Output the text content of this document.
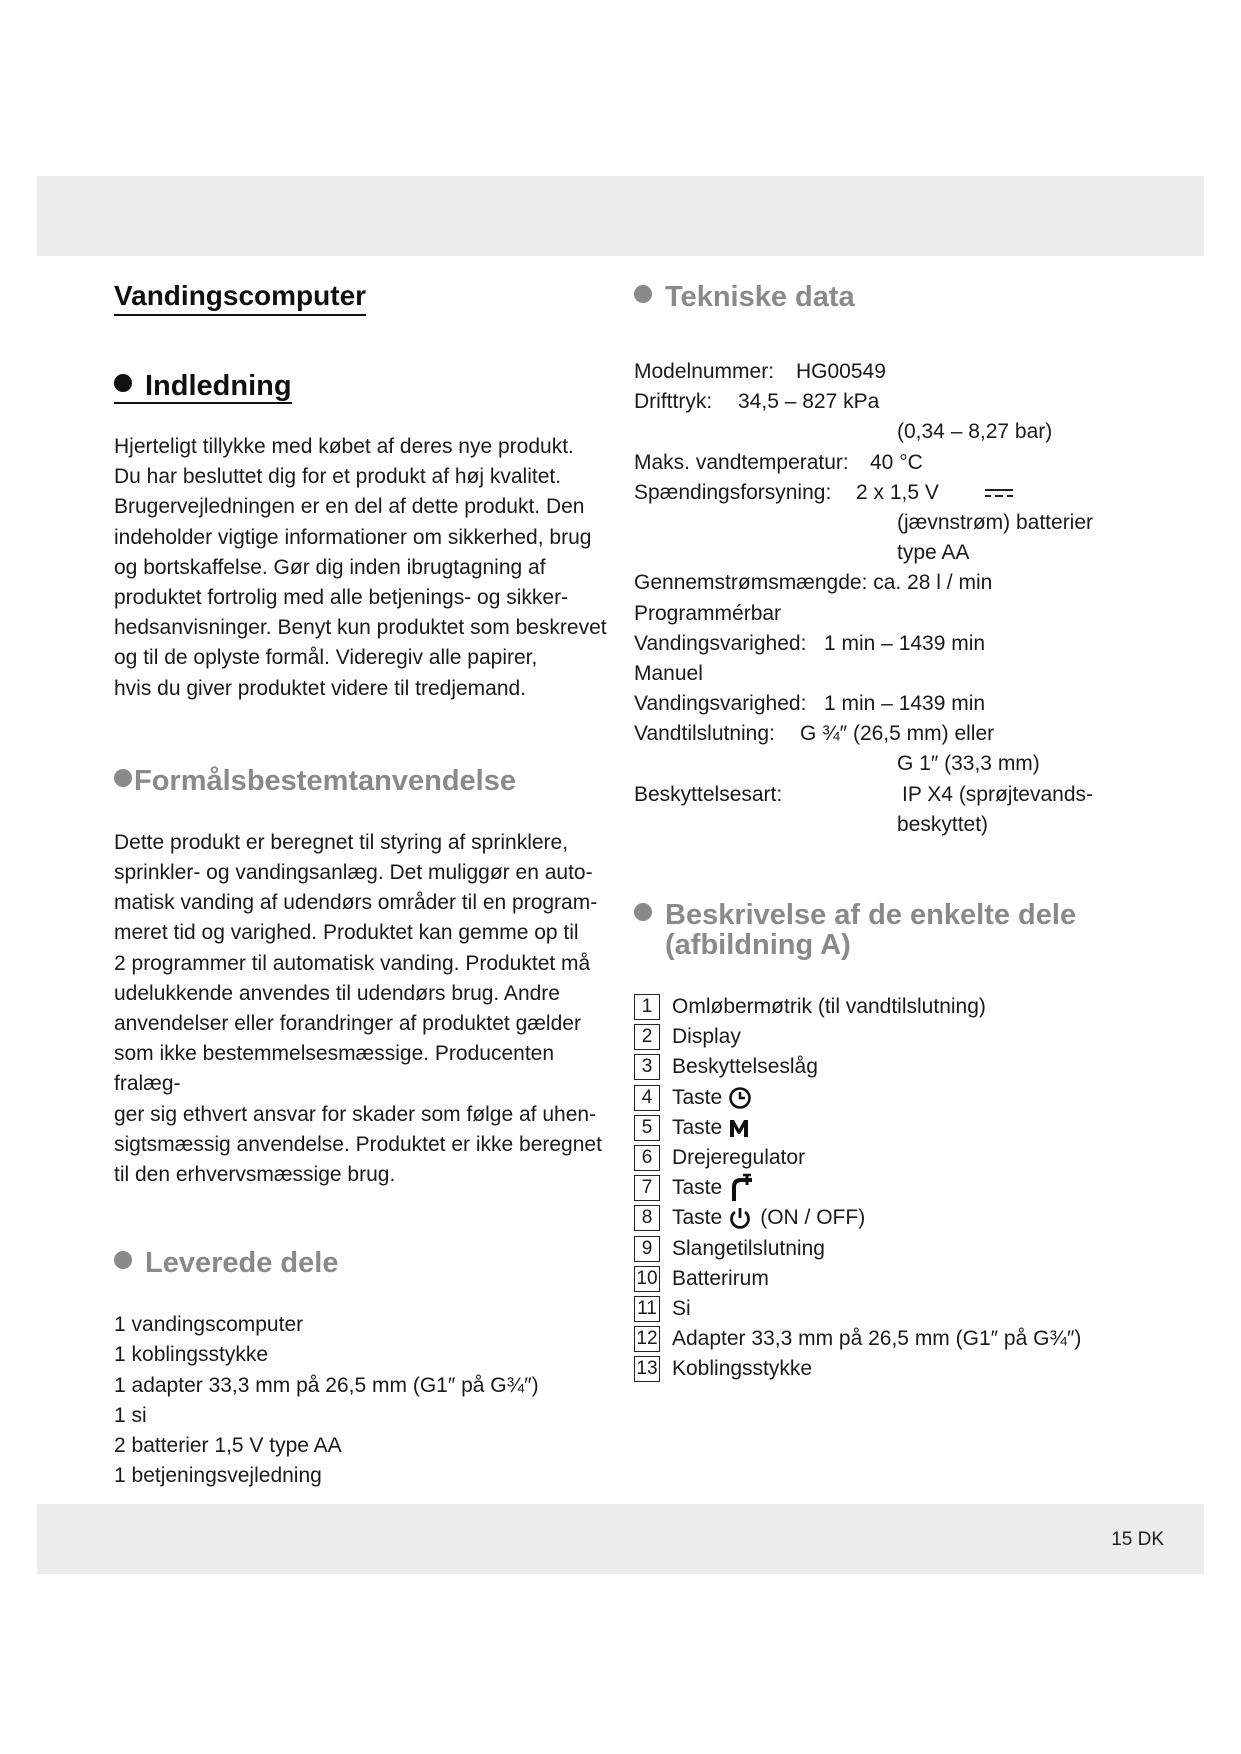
Vandingscomputer
Indledning
Hjerteligt tillykke med købet af deres nye produkt.
Du har besluttet dig for et produkt af høj kvalitet.
Brugervejledningen er en del af dette produkt. Den
indeholder vigtige informationer om sikkerhed, brug
og bortskaffelse. Gør dig inden ibrugtagning af
produktet fortrolig med alle betjenings- og sikker-
hedsanvisninger. Benyt kun produktet som beskrevet
og til de oplyste formål. Videregiv alle papirer,
hvis du giver produktet videre til tredjemand.
Formålsbestemtanvendelse
Dette produkt er beregnet til styring af sprinklere,
sprinkler- og vandingsanlæg. Det muliggør en auto-
matisk vanding af udendørs områder til en program-
meret tid og varighed. Produktet kan gemme op til
2 programmer til automatisk vanding. Produktet må
udelukkende anvendes til udendørs brug. Andre
anvendelser eller forandringer af produktet gælder
som ikke bestemmelsesmæssige. Producenten fralæg-
ger sig ethvert ansvar for skader som følge af uhen-
sigtsmæssig anvendelse. Produktet er ikke beregnet
til den erhvervsmæssige brug.
Leverede dele
1 vandingscomputer
1 koblingsstykke
1 adapter 33,3 mm på 26,5 mm (G1″ på G¾″)
1 si
2 batterier 1,5 V type AA
1 betjeningsvejledning
Tekniske data
Modelnummer: HG00549
Drifttryk: 34,5 – 827 kPa
(0,34 – 8,27 bar)
Maks. vandtemperatur: 40 °C
Spændingsforsyning: 2 x 1,5 V
(jævnstrøm) batterier
type AA
Gennemstrømsmængde: ca. 28 l / min
Programmérbar
Vandingsvarighed: 1 min – 1439 min
Manuel
Vandingsvarighed: 1 min – 1439 min
Vandtilslutning: G ¾″ (26,5 mm) eller
G 1″ (33,3 mm)
Beskyttelsesart:	IP X4 (sprøjtevands-
beskyttet)
Beskrivelse af de enkelte dele
(afbildning A)
1 Omløbermøtrik (til vandtilslutning)
2 Display
3 Beskyttelseslåg
4 Taste
5 Taste
6 Drejeregulator
7 Taste
8 Taste (ON / OFF)
9 Slangetilslutning
10 Batterirum
11 Si
12 Adapter 33,3 mm på 26,5 mm (G1″ på G¾″)
13 Koblingsstykke
15 DK
